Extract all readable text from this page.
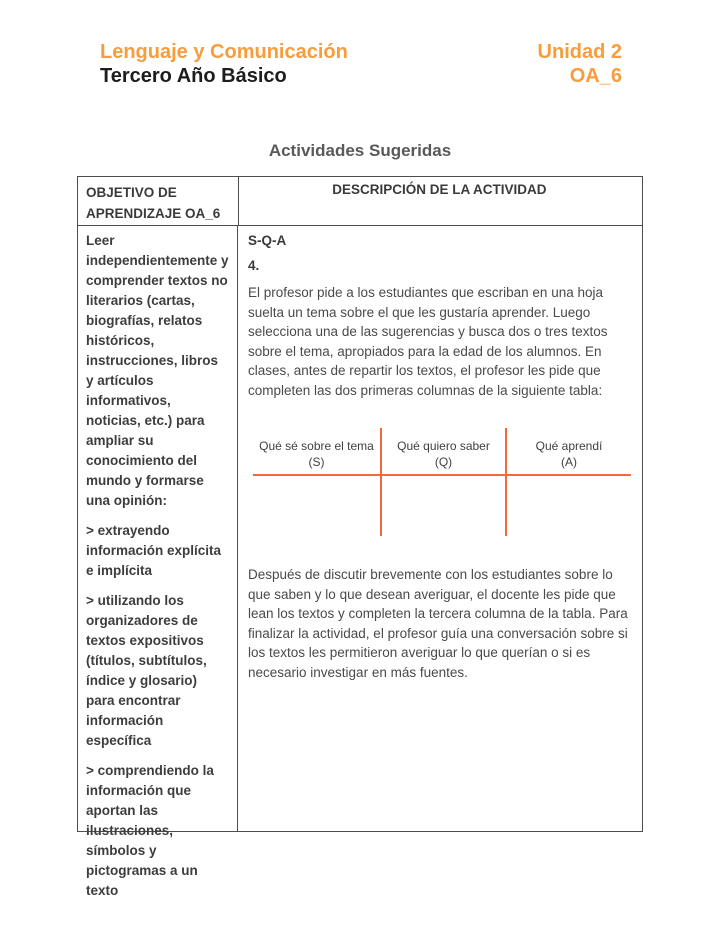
Lenguaje y Comunicación
Tercero Año Básico
Unidad 2
OA_6
Actividades Sugeridas
OBJETIVO DE APRENDIZAJE OA_6
DESCRIPCIÓN DE LA ACTIVIDAD
Leer independientemente y comprender textos no literarios (cartas, biografías, relatos históricos, instrucciones, libros y artículos informativos, noticias, etc.) para ampliar su conocimiento del mundo y formarse una opinión:
> extrayendo información explícita e implícita
> utilizando los organizadores de textos expositivos (títulos, subtítulos, índice y glosario) para encontrar información específica
> comprendiendo la información que aportan las ilustraciones, símbolos y pictogramas a un texto
S-Q-A
4.
El profesor pide a los estudiantes que escriban en una hoja suelta un tema sobre el que les gustaría aprender. Luego selecciona una de las sugerencias y busca dos o tres textos sobre el tema, apropiados para la edad de los alumnos. En clases, antes de repartir los textos, el profesor les pide que completen las dos primeras columnas de la siguiente tabla:
Qué sé sobre el tema
(S)
Qué quiero saber
(Q)
Qué aprendí
(A)
Después de discutir brevemente con los estudiantes sobre lo que saben y lo que desean averiguar, el docente les pide que lean los textos y completen la tercera columna de la tabla. Para finalizar la actividad, el profesor guía una conversación sobre si los textos les permitieron averiguar lo que querían o si es necesario investigar en más fuentes.
